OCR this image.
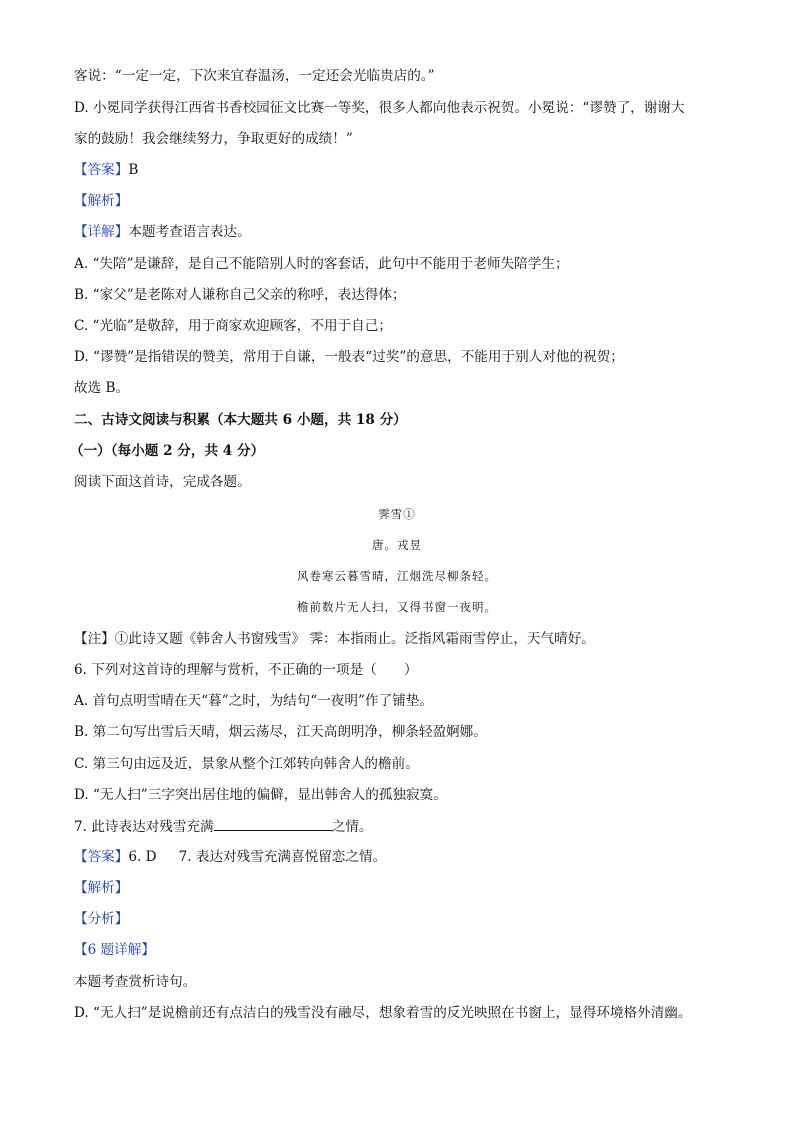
客说：“一定一定，下次来宜春温汤，一定还会光临贵店的。”
D. 小冕同学获得江西省书香校园征文比赛一等奖，很多人都向他表示祝贺。小冕说：“谬赞了，谢谢大
家的鼓励！我会继续努力，争取更好的成绩！”
【答案】B
【解析】
【详解】本题考查语言表达。
A. “失陪”是谦辞，是自己不能陪别人时的客套话，此句中不能用于老师失陪学生；
B. “家父”是老陈对人谦称自己父亲的称呼，表达得体；
C. “光临”是敬辞，用于商家欢迎顾客，不用于自己；
D. “谬赞”是指错误的赞美，常用于自谦，一般表“过奖”的意思，不能用于别人对他的祝贺；
故选 B。
二、古诗文阅读与积累（本大题共 6 小题，共 18 分）
（一）（每小题 2 分，共 4 分）
阅读下面这首诗，完成各题。
霁雪①
唐。戎昱
风卷寒云暮雪晴，江烟洗尽柳条轻。
檐前数片无人扫，又得书窗一夜明。
【注】①此诗又题《韩舍人书窗残雪》 霁：本指雨止。泛指风霜雨雪停止，天气晴好。
6. 下列对这首诗的理解与赏析，不正确的一项是（　　）
A. 首句点明雪晴在天“暮”之时，为结句“一夜明”作了铺垫。
B. 第二句写出雪后天晴，烟云荡尽，江天高朗明净，柳条轻盈婀娜。
C. 第三句由远及近，景象从整个江郊转向韩舍人的檐前。
D. “无人扫”三字突出居住地的偏僻，显出韩舍人的孤独寂寞。
7. 此诗表达对残雪充满	之情。
【答案】6. D 7. 表达对残雪充满喜悦留恋之情。
【解析】
【分析】
【6 题详解】
本题考查赏析诗句。
D. “无人扫”是说檐前还有点洁白的残雪没有融尽，想象着雪的反光映照在书窗上，显得环境格外清幽。
